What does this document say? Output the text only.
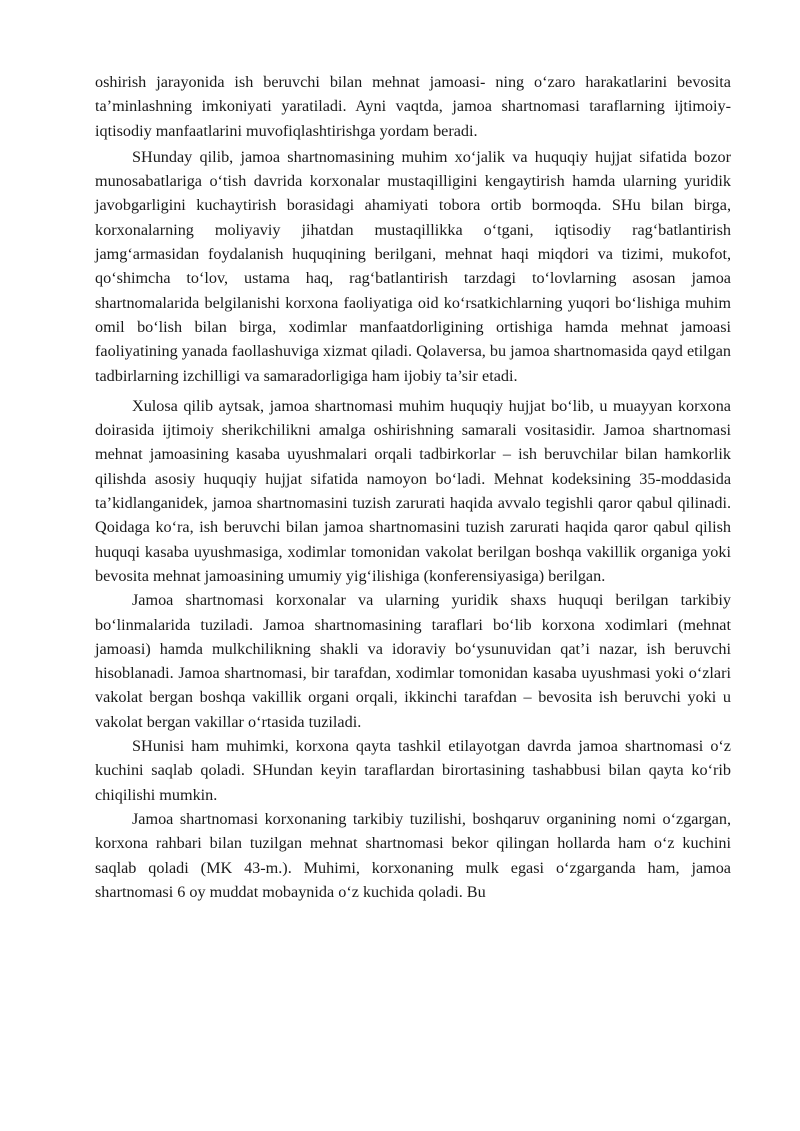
oshirish jarayonida ish beruvchi bilan mehnat jamoasi- ning o‘zaro harakatlarini bevosita ta’minlashning imkoniyati yaratiladi. Ayni vaqtda, jamoa shartnomasi taraflarning ijtimoiy- iqtisodiy manfaatlarini muvofiqlashtirishga yordam beradi.

SHunday qilib, jamoa shartnomasining muhim xo‘jalik va huquqiy hujjat sifatida bozor munosabatlariga o‘tish davrida korxonalar mustaqilligini kengaytirish hamda ularning yuridik javobgarligini kuchaytirish borasidagi ahamiyati tobora ortib bormoqda. SHu bilan birga, korxonalarning moliyaviy jihatdan mustaqillikka o‘tgani, iqtisodiy rag‘batlantirish jamg‘armasidan foydalanish huquqining berilgani, mehnat haqi miqdori va tizimi, mukofot, qo‘shimcha to‘lov, ustama haq, rag‘batlantirish tarzdagi to‘lovlarning asosan jamoa shartnomalarida belgilanishi korxona faoliyatiga oid ko‘rsatkichlarning yuqori bo‘lishiga muhim omil bo‘lish bilan birga, xodimlar manfaatdorligining ortishiga hamda mehnat jamoasi faoliyatining yanada faollashuviga xizmat qiladi. Qolaversa, bu jamoa shartnomasida qayd etilgan tadbirlarning izchilligi va samaradorligiga ham ijobiy ta’sir etadi.

Xulosa qilib aytsak, jamoa shartnomasi muhim huquqiy hujjat bo‘lib, u muayyan korxona doirasida ijtimoiy sherikchilikni amalga oshirishning samarali vositasidir. Jamoa shartnomasi mehnat jamoasining kasaba uyushmalari orqali tadbirkorlar – ish beruvchilar bilan hamkorlik qilishda asosiy huquqiy hujjat sifatida namoyon bo‘ladi. Mehnat kodeksining 35-moddasida ta’kidlanganidek, jamoa shartnomasini tuzish zarurati haqida avvalo tegishli qaror qabul qilinadi. Qoidaga ko‘ra, ish beruvchi bilan jamoa shartnomasini tuzish zarurati haqida qaror qabul qilish huquqi kasaba uyushmasiga, xodimlar tomonidan vakolat berilgan boshqa vakillik organiga yoki bevosita mehnat jamoasining umumiy yig‘ilishiga (konferensiyasiga) berilgan.

Jamoa shartnomasi korxonalar va ularning yuridik shaxs huquqi berilgan tarkibiy bo‘linmalarida tuziladi. Jamoa shartnomasining taraflari bo‘lib korxona xodimlari (mehnat jamoasi) hamda mulkchilikning shakli va idoraviy bo‘ysunuvidan qat’i nazar, ish beruvchi hisoblanadi. Jamoa shartnomasi, bir tarafdan, xodimlar tomonidan kasaba uyushmasi yoki o‘zlari vakolat bergan boshqa vakillik organi orqali, ikkinchi tarafdan – bevosita ish beruvchi yoki u vakolat bergan vakillar o‘rtasida tuziladi.

SHunisi ham muhimki, korxona qayta tashkil etilayotgan davrda jamoa shartnomasi o‘z kuchini saqlab qoladi. SHundan keyin taraflardan birortasining tashabbusi bilan qayta ko‘rib chiqilishi mumkin.

Jamoa shartnomasi korxonaning tarkibiy tuzilishi, boshqaruv organining nomi o‘zgargan, korxona rahbari bilan tuzilgan mehnat shartnomasi bekor qilingan hollarda ham o‘z kuchini saqlab qoladi (MK 43-m.). Muhimi, korxonaning mulk egasi o‘zgarganda ham, jamoa shartnomasi 6 oy muddat mobaynida o‘z kuchida qoladi. Bu
